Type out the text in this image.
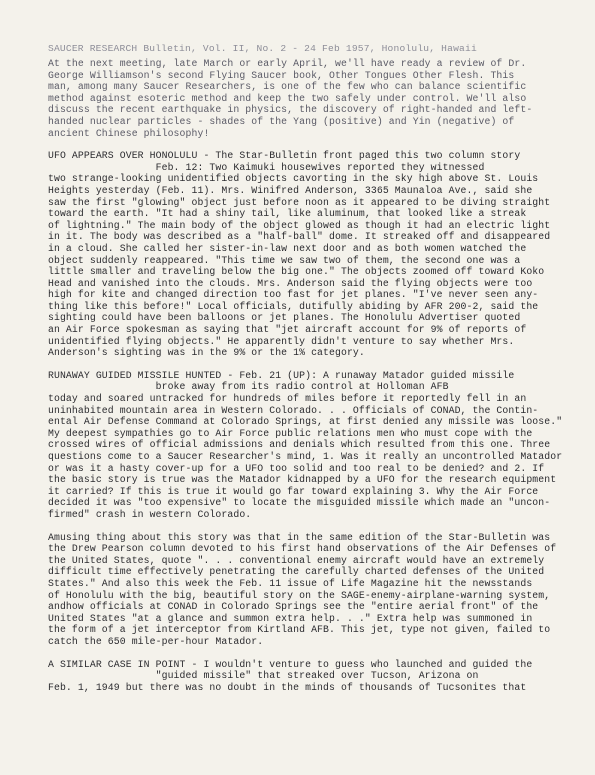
SAUCER RESEARCH Bulletin, Vol. II, No. 2 - 24 Feb 1957, Honolulu, Hawaii
At the next meeting, late March or early April, we'll have ready a review of Dr.
George Williamson's second Flying Saucer book, Other Tongues Other Flesh. This
man, among many Saucer Researchers, is one of the few who can balance scientific
method against esoteric method and keep the two safely under control. We'll also
discuss the recent earthquake in physics, the discovery of right-handed and left-
handed nuclear particles - shades of the Yang (positive) and Yin (negative) of
ancient Chinese philosophy!
UFO APPEARS OVER HONOLULU - The Star-Bulletin front paged this two column story
Feb. 12: Two Kaimuki housewives reported they witnessed
two strange-looking unidentified objects cavorting in the sky high above St. Louis
Heights yesterday (Feb. 11). Mrs. Winifred Anderson, 3365 Maunaloa Ave., said she
saw the first "glowing" object just before noon as it appeared to be diving straight
toward the earth. "It had a shiny tail, like aluminum, that looked like a streak
of lightning." The main body of the object glowed as though it had an electric light
in it. The body was described as a "half-ball" dome. It streaked off and disappeared
in a cloud. She called her sister-in-law next door and as both women watched the
object suddenly reappeared. "This time we saw two of them, the second one was a
little smaller and traveling below the big one." The objects zoomed off toward Koko
Head and vanished into the clouds. Mrs. Anderson said the flying objects were too
high for kite and changed direction too fast for jet planes. "I've never seen any-
thing like this before!" Local officials, dutifully abiding by AFR 200-2, said the
sighting could have been balloons or jet planes. The Honolulu Advertiser quoted
an Air Force spokesman as saying that "jet aircraft account for 9% of reports of
unidentified flying objects." He apparently didn't venture to say whether Mrs.
Anderson's sighting was in the 9% or the 1% category.
RUNAWAY GUIDED MISSILE HUNTED - Feb. 21 (UP): A runaway Matador guided missile
broke away from its radio control at Holloman AFB
today and soared untracked for hundreds of miles before it reportedly fell in an
uninhabited mountain area in Western Colorado. . . Officials of CONAD, the Contin-
ental Air Defense Command at Colorado Springs, at first denied any missile was loose."
My deepest sympathies go to Air Force public relations men who must cope with the
crossed wires of official admissions and denials which resulted from this one. Three
questions come to a Saucer Researcher's mind, 1. Was it really an uncontrolled Matador
or was it a hasty cover-up for a UFO too solid and too real to be denied? and 2. If
the basic story is true was the Matador kidnapped by a UFO for the research equipment
it carried? If this is true it would go far toward explaining 3. Why the Air Force
decided it was "too expensive" to locate the misguided missile which made an "uncon-
firmed" crash in western Colorado.
Amusing thing about this story was that in the same edition of the Star-Bulletin was
the Drew Pearson column devoted to his first hand observations of the Air Defenses of
the United States, quote ". . . conventional enemy aircraft would have an extremely
difficult time effectively penetrating the carefully charted defenses of the United
States." And also this week the Feb. 11 issue of Life Magazine hit the newsstands
of Honolulu with the big, beautiful story on the SAGE-enemy-airplane-warning system,
andhow officials at CONAD in Colorado Springs see the "entire aerial front" of the
United States "at a glance and summon extra help. . ." Extra help was summoned in
the form of a jet interceptor from Kirtland AFB. This jet, type not given, failed to
catch the 650 mile-per-hour Matador.
A SIMILAR CASE IN POINT - I wouldn't venture to guess who launched and guided the
"guided missile" that streaked over Tucson, Arizona on
Feb. 1, 1949 but there was no doubt in the minds of thousands of Tucsonites that
